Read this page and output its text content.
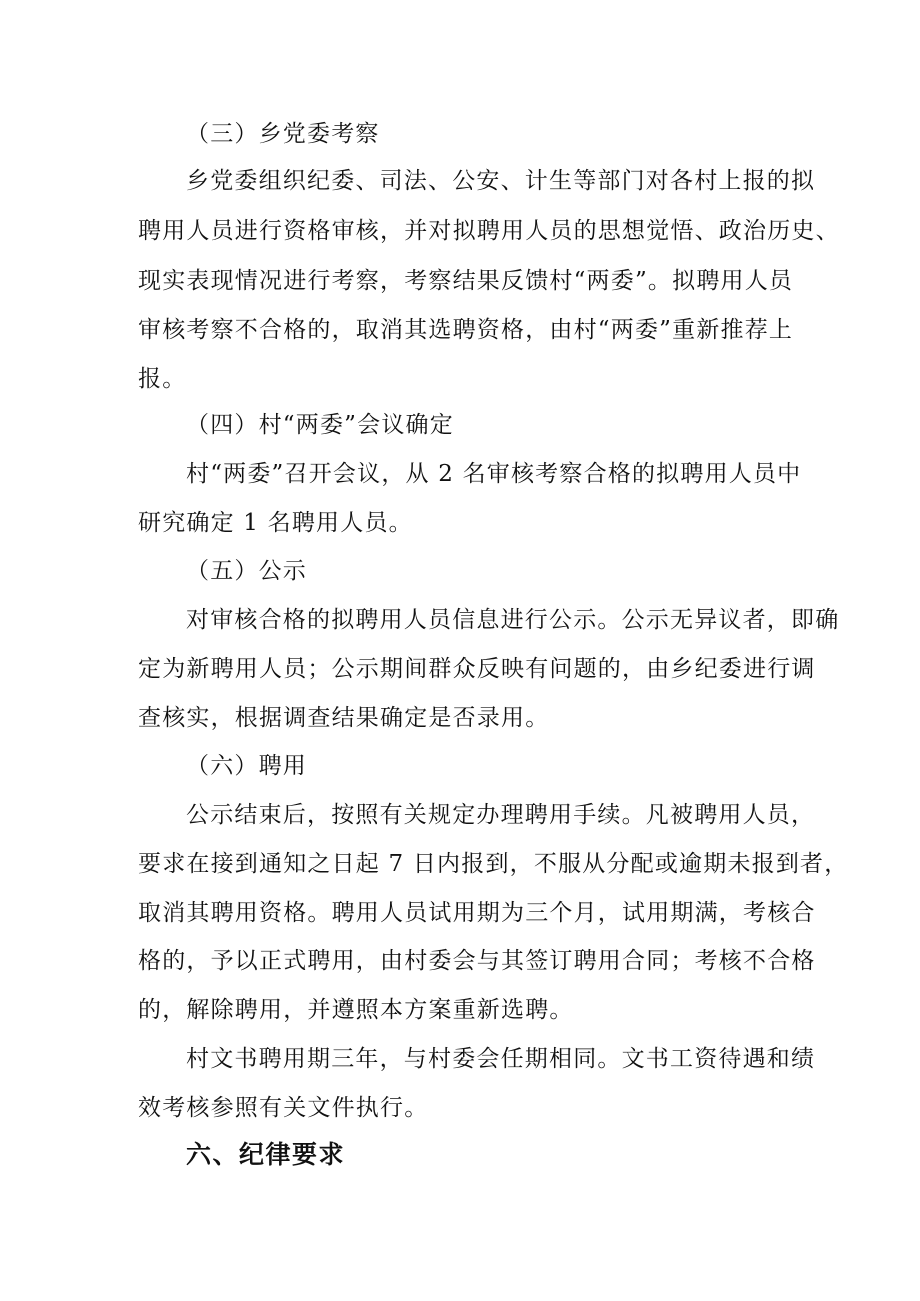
（三）乡党委考察
乡党委组织纪委、司法、公安、计生等部门对各村上报的拟
聘用人员进行资格审核，并对拟聘用人员的思想觉悟、政治历史、
现实表现情况进行考察，考察结果反馈村“两委”。拟聘用人员
审核考察不合格的，取消其选聘资格，由村“两委”重新推荐上
报。
（四）村“两委”会议确定
村“两委”召开会议，从 2 名审核考察合格的拟聘用人员中
研究确定 1 名聘用人员。
（五）公示
对审核合格的拟聘用人员信息进行公示。公示无异议者，即确
定为新聘用人员；公示期间群众反映有问题的，由乡纪委进行调
查核实，根据调查结果确定是否录用。
（六）聘用
公示结束后，按照有关规定办理聘用手续。凡被聘用人员，
要求在接到通知之日起 7 日内报到，不服从分配或逾期未报到者，
取消其聘用资格。聘用人员试用期为三个月，试用期满，考核合
格的，予以正式聘用，由村委会与其签订聘用合同；考核不合格
的，解除聘用，并遵照本方案重新选聘。
村文书聘用期三年，与村委会任期相同。文书工资待遇和绩
效考核参照有关文件执行。
六、纪律要求
